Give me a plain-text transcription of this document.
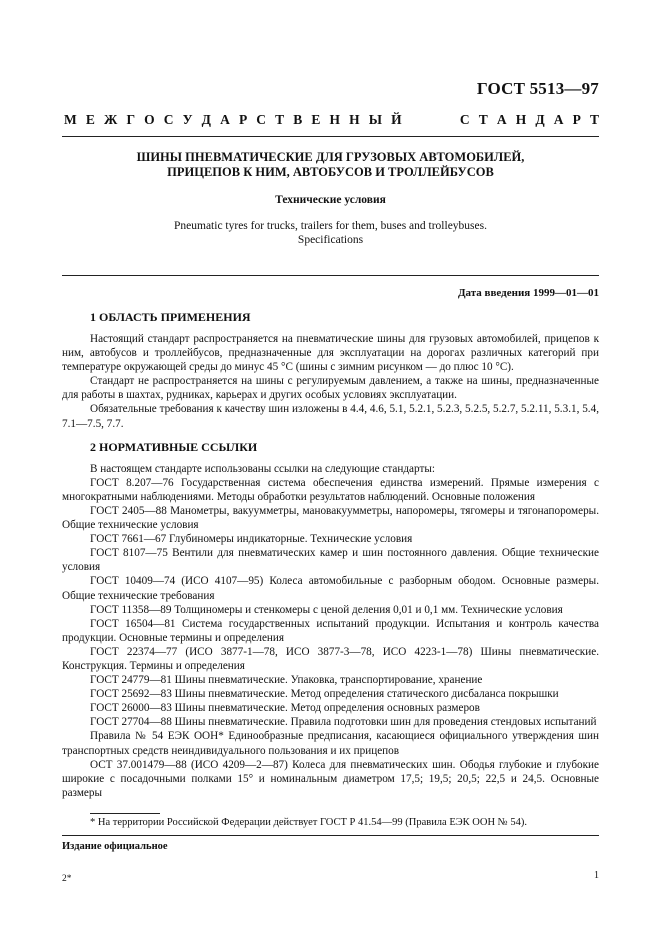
ГОСТ 5513—97
М Е Ж Г О С У Д А Р С Т В Е Н Н Ы Й	С Т А Н Д А Р Т
ШИНЫ ПНЕВМАТИЧЕСКИЕ ДЛЯ ГРУЗОВЫХ АВТОМОБИЛЕЙ,
ПРИЦЕПОВ К НИМ, АВТОБУСОВ И ТРОЛЛЕЙБУСОВ
Технические условия
Pneumatic tyres for trucks, trailers for them, buses and trolleybuses.
Specifications
Дата введения 1999—01—01
1 ОБЛАСТЬ ПРИМЕНЕНИЯ

Настоящий стандарт распространяется на пневматические шины для грузовых автомобилей, прицепов к ним, автобусов и троллейбусов, предназначенные для эксплуатации на дорогах различных категорий при температуре окружающей среды до минус 45 °С (шины с зимним рисунком — до плюс 10 °С).

Стандарт не распространяется на шины с регулируемым давлением, а также на шины, предназначенные для работы в шахтах, рудниках, карьерах и других особых условиях эксплуатации.

Обязательные требования к качеству шин изложены в 4.4, 4.6, 5.1, 5.2.1, 5.2.3, 5.2.5, 5.2.7, 5.2.11, 5.3.1, 5.4, 7.1—7.5, 7.7.

2 НОРМАТИВНЫЕ ССЫЛКИ

В настоящем стандарте использованы ссылки на следующие стандарты:

ГОСТ 8.207—76 Государственная система обеспечения единства измерений. Прямые измерения с многократными наблюдениями. Методы обработки результатов наблюдений. Основные положения

ГОСТ 2405—88 Манометры, вакуумметры, мановакуумметры, напоромеры, тягомеры и тягонапоромеры. Общие технические условия

ГОСТ 7661—67 Глубиномеры индикаторные. Технические условия

ГОСТ 8107—75 Вентили для пневматических камер и шин постоянного давления. Общие технические условия

ГОСТ 10409—74 (ИСО 4107—95) Колеса автомобильные с разборным ободом. Основные размеры. Общие технические требования

ГОСТ 11358—89 Толщиномеры и стенкомеры с ценой деления 0,01 и 0,1 мм. Технические условия

ГОСТ 16504—81 Система государственных испытаний продукции. Испытания и контроль качества продукции. Основные термины и определения

ГОСТ 22374—77 (ИСО 3877-1—78, ИСО 3877-3—78, ИСО 4223-1—78) Шины пневматические. Конструкция. Термины и определения

ГОСТ 24779—81 Шины пневматические. Упаковка, транспортирование, хранение

ГОСТ 25692—83 Шины пневматические. Метод определения статического дисбаланса покрышки

ГОСТ 26000—83 Шины пневматические. Метод определения основных размеров

ГОСТ 27704—88 Шины пневматические. Правила подготовки шин для проведения стендовых испытаний

Правила № 54 ЕЭК ООН* Единообразные предписания, касающиеся официального утверждения шин транспортных средств неиндивидуального пользования и их прицепов

ОСТ 37.001479—88 (ИСО 4209—2—87) Колеса для пневматических шин. Ободья глубокие и глубокие широкие с посадочными полками 15° и номинальным диаметром 17,5; 19,5; 20,5; 22,5 и 24,5. Основные размеры

* На территории Российской Федерации действует ГОСТ Р 41.54—99 (Правила ЕЭК ООН № 54).
Издание официальное
2*	1
